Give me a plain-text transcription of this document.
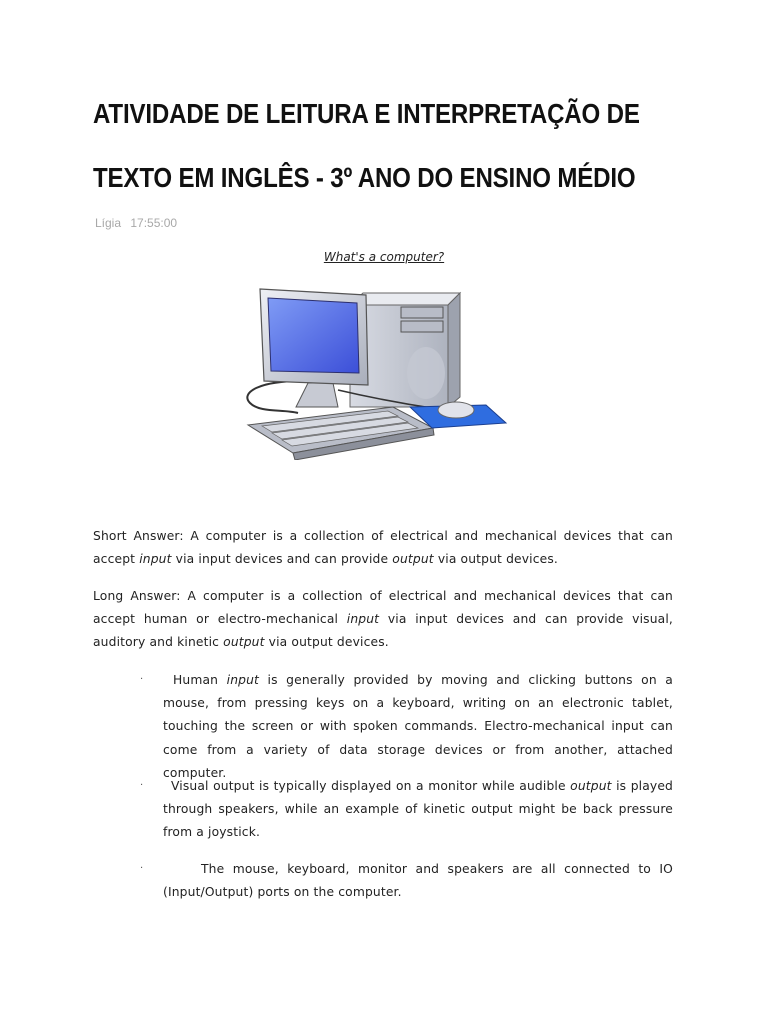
ATIVIDADE DE LEITURA E INTERPRETAÇÃO DE
TEXTO EM INGLÊS - 3º ANO DO ENSINO MÉDIO
Lígia 17:55:00
What's a computer?

Short Answer: A computer is a collection of electrical and mechanical devices that can accept input via input devices and can provide output via output devices.

Long Answer: A computer is a collection of electrical and mechanical devices that can accept human or electro-mechanical input via input devices and can provide visual, auditory and kinetic output via output devices.

·	Human input is generally provided by moving and clicking buttons on a mouse, from pressing keys on a keyboard, writing on an electronic tablet, touching the screen or with spoken commands. Electro-mechanical input can come from a variety of data storage devices or from another, attached computer.

·	Visual output is typically displayed on a monitor while audible output is played through speakers, while an example of kinetic output might be back pressure from a joystick.

·	The mouse, keyboard, monitor and speakers are all connected to IO (Input/Output) ports on the computer.
